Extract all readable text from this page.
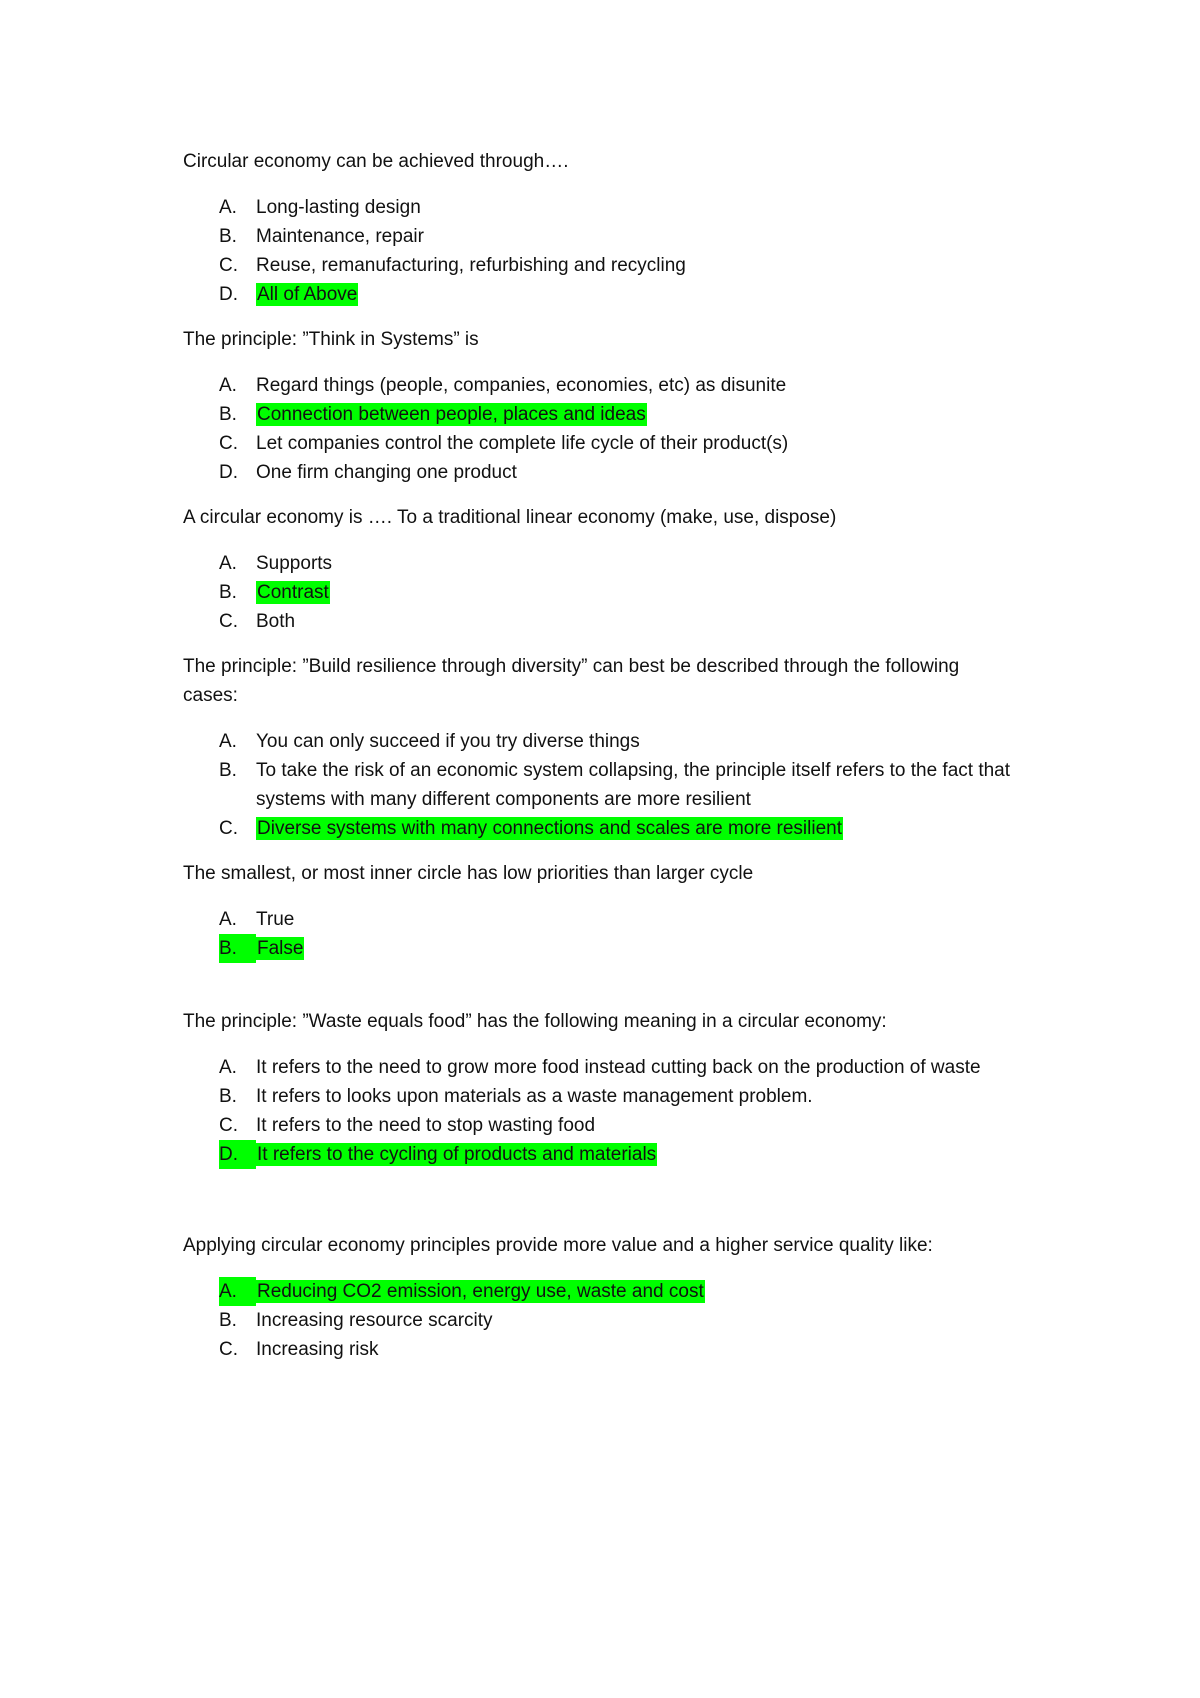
Circular economy can be achieved through….

A.	Long-lasting design
B.	Maintenance, repair
C. Reuse, remanufacturing, refurbishing and recycling
D.	All of Above

The principle: ”Think in Systems” is

A.	Regard things (people, companies, economies, etc) as disunite
B.	Connection between people, places and ideas
C. Let companies control the complete life cycle of their product(s)
D. One firm changing one product

A circular economy is …. To a traditional linear economy (make, use, dispose)

A.	Supports
B.	Contrast
C. Both

The principle: ”Build resilience through diversity” can best be described through the following cases:

A.	You can only succeed if you try diverse things
B.	To take the risk of an economic system collapsing, the principle itself refers to the fact that systems with many different components are more resilient
C.	Diverse systems with many connections and scales are more resilient

The smallest, or most inner circle has low priorities than larger cycle

A.	True
B.	False

The principle: ”Waste equals food” has the following meaning in a circular economy:

A.	It refers to the need to grow more food instead cutting back on the production of waste
B.	It refers to looks upon materials as a waste management problem.
C. It refers to the need to stop wasting food
D.	It refers to the cycling of products and materials

Applying circular economy principles provide more value and a higher service quality like:

A.	Reducing CO2 emission, energy use, waste and cost
B.	Increasing resource scarcity
C. Increasing risk
